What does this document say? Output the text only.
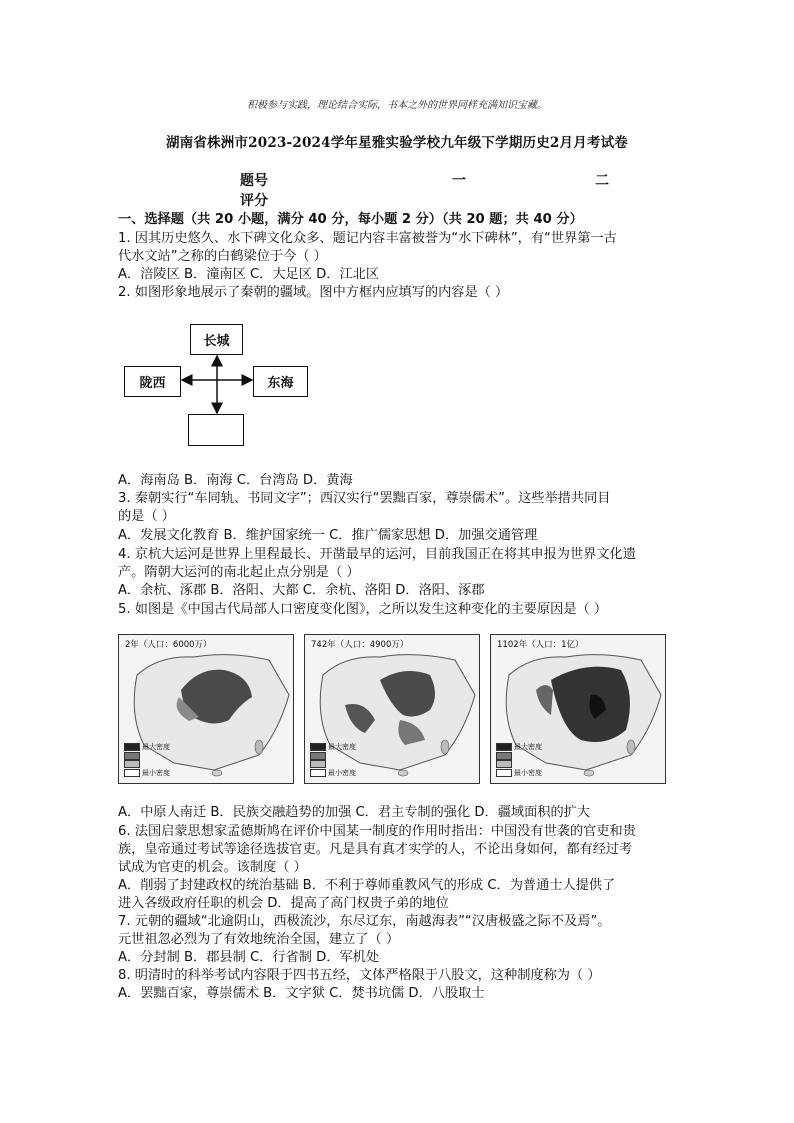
积极参与实践，理论结合实际，书本之外的世界同样充满知识宝藏。
湖南省株洲市2023-2024学年星雅实验学校九年级下学期历史2月月考试卷
题号	一	二
评分
一、选择题（共 20 小题，满分 40 分，每小题 2 分）（共 20 题；共 40 分）
1. 因其历史悠久、水下碑文化众多、题记内容丰富被誉为“水下碑林”，有“世界第一古
代水文站”之称的白鹤梁位于今（ ）
A．涪陵区 B．潼南区 C．大足区 D．江北区
2. 如图形象地展示了秦朝的疆域。图中方框内应填写的内容是（ ）
长城
陇西	东海
A．海南岛 B．南海 C．台湾岛 D．黄海
3. 秦朝实行“车同轨、书同文字”；西汉实行“罢黜百家，尊崇儒术”。这些举措共同目
的是（ ）
A．发展文化教育 B．维护国家统一 C．推广儒家思想 D．加强交通管理
4. 京杭大运河是世界上里程最长、开凿最早的运河，目前我国正在将其申报为世界文化遗
产。隋朝大运河的南北起止点分别是（ ）
A．余杭、涿郡 B．洛阳、大都 C．余杭、洛阳 D．洛阳、涿郡
5. 如图是《中国古代局部人口密度变化图》，之所以发生这种变化的主要原因是（ ）
2年（人口：6000万）
最大密度
最小密度
742年（人口：4900万）
最大密度
最小密度
1102年（人口：1亿）
最大密度
最小密度
A．中原人南迁 B．民族交融趋势的加强 C．君主专制的强化 D．疆域面积的扩大
6. 法国启蒙思想家孟德斯鸠在评价中国某一制度的作用时指出：中国没有世袭的官吏和贵
族，皇帝通过考试等途径选拔官吏。凡是具有真才实学的人，不论出身如何，都有经过考
试成为官吏的机会。该制度（ ）
A．削弱了封建政权的统治基础 B．不利于尊师重教风气的形成 C．为普通士人提供了
进入各级政府任职的机会 D．提高了高门权贵子弟的地位
7. 元朝的疆域“北逾阴山，西极流沙，东尽辽东，南越海表”“汉唐极盛之际不及焉”。
元世祖忽必烈为了有效地统治全国，建立了（ ）
A．分封制 B．郡县制 C．行省制 D．军机处
8. 明清时的科举考试内容限于四书五经，文体严格限于八股文，这种制度称为（ ）
A．罢黜百家，尊崇儒术 B．文字狱 C．焚书坑儒 D．八股取士
